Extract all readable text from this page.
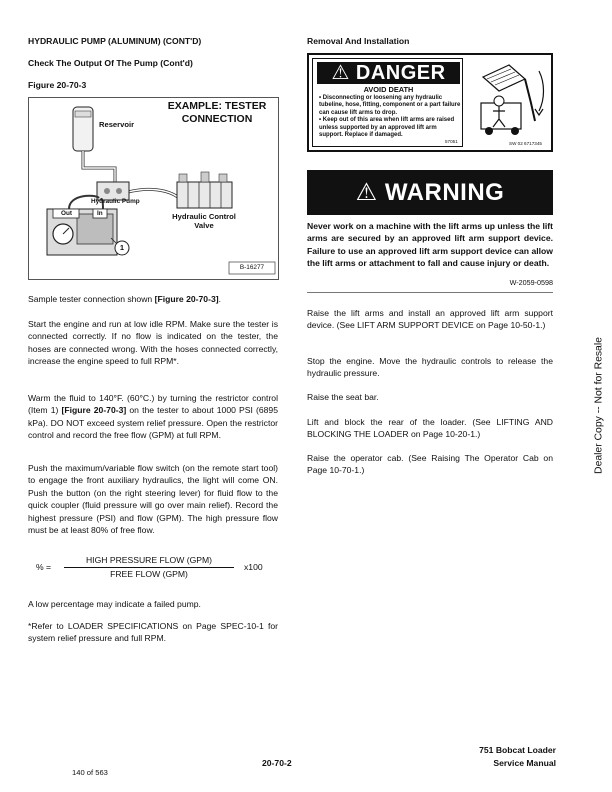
HYDRAULIC PUMP (ALUMINUM) (CONT'D)
Check The Output Of The Pump (Cont'd)
Figure 20-70-3
EXAMPLE: TESTER
CONNECTION
Reservoir
Hydraulic Pump
Out	In	Hydraulic Control
Valve
1
B-16277
Sample tester connection shown [Figure 20-70-3].
Start the engine and run at low idle RPM. Make sure the tester is connected correctly. If no flow is indicated on the tester, the hoses are connected wrong. With the hoses connected correctly, increase the engine speed to full RPM*.
Warm the fluid to 140°F. (60°C.) by turning the restrictor control (Item 1) [Figure 20-70-3] on the tester to about 1000 PSI (6895 kPa). DO NOT exceed system relief pressure. Open the restrictor control and record the free flow (GPM) at full RPM.
Push the maximum/variable flow switch (on the remote start tool) to engage the front auxiliary hydraulics, the light will come ON. Push the button (on the right steering lever) for fluid flow to the quick coupler (fluid pressure will go over main relief). Record the highest pressure (PSI) and flow (GPM). The high pressure flow must be at least 80% of free flow.
% =
HIGH PRESSURE FLOW (GPM)
FREE FLOW (GPM)
x100
A low percentage may indicate a failed pump.
*Refer to LOADER SPECIFICATIONS on Page SPEC-10-1 for system relief pressure and full RPM.
Removal And Installation
⚠ DANGER
AVOID DEATH
• Disconnecting or loosening any hydraulic tubeline, hose, fitting, component or a part failure can cause lift arms to drop.
• Keep out of this area when lift arms are raised unless supported by an approved lift arm support. Replace if damaged.
57051	SW 02 6717345
⚠ WARNING
Never work on a machine with the lift arms up unless the lift arms are secured by an approved lift arm support device. Failure to use an approved lift arm support device can allow the lift arms or attachment to fall and cause injury or death.
W-2059-0598
Raise the lift arms and install an approved lift arm support device. (See LIFT ARM SUPPORT DEVICE on Page 10-50-1.)
Stop the engine. Move the hydraulic controls to release the hydraulic pressure.
Raise the seat bar.
Lift and block the rear of the loader. (See LIFTING AND BLOCKING THE LOADER on Page 10-20-1.)
Raise the operator cab. (See Raising The Operator Cab on Page 10-70-1.)	Dealer Copy -- Not for Resale
20-70-2
751 Bobcat Loader
Service Manual
140 of 563
